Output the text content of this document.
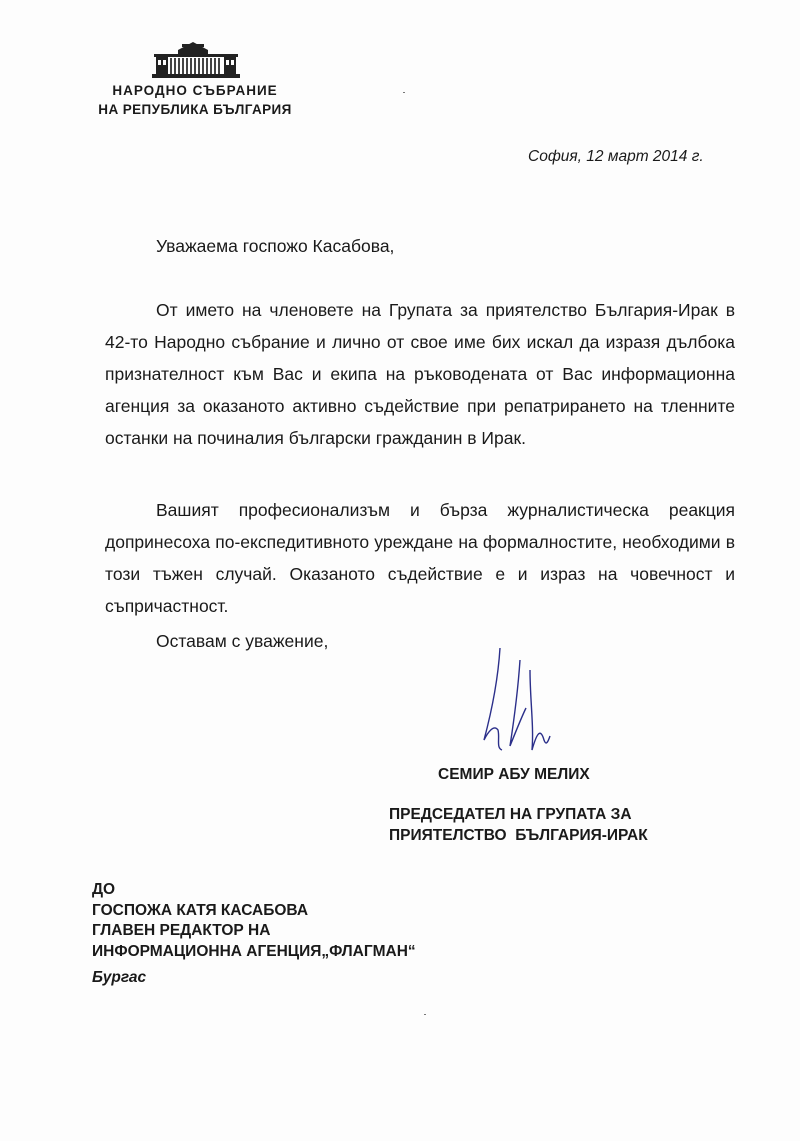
НАРОДНО СЪБРАНИЕ
НА РЕПУБЛИКА БЪЛГАРИЯ
София, 12 март 2014 г.
Уважаема госпожо Касабова,

От името на членовете на Групата за приятелство България-Ирак в 42-то Народно събрание и лично от свое име бих искал да изразя дълбока признателност към Вас и екипа на ръководената от Вас информационна агенция за оказаното активно съдействие при репатрирането на тленните останки на починалия български гражданин в Ирак.

Вашият професионализъм и бърза журналистическа реакция допринесоха по-експедитивното уреждане на формалностите, необходими в този тъжен случай. Оказаното съдействие е и израз на човечност и съпричастност.

Оставам с уважение,
СЕМИР АБУ МЕЛИХ
ПРЕДСЕДАТЕЛ НА ГРУПАТА ЗА
ПРИЯТЕЛСТВО  БЪЛГАРИЯ-ИРАК
ДО
ГОСПОЖА КАТЯ КАСАБОВА
ГЛАВЕН РЕДАКТОР НА
ИНФОРМАЦИОННА АГЕНЦИЯ„ФЛАГМАН“
Бургас
